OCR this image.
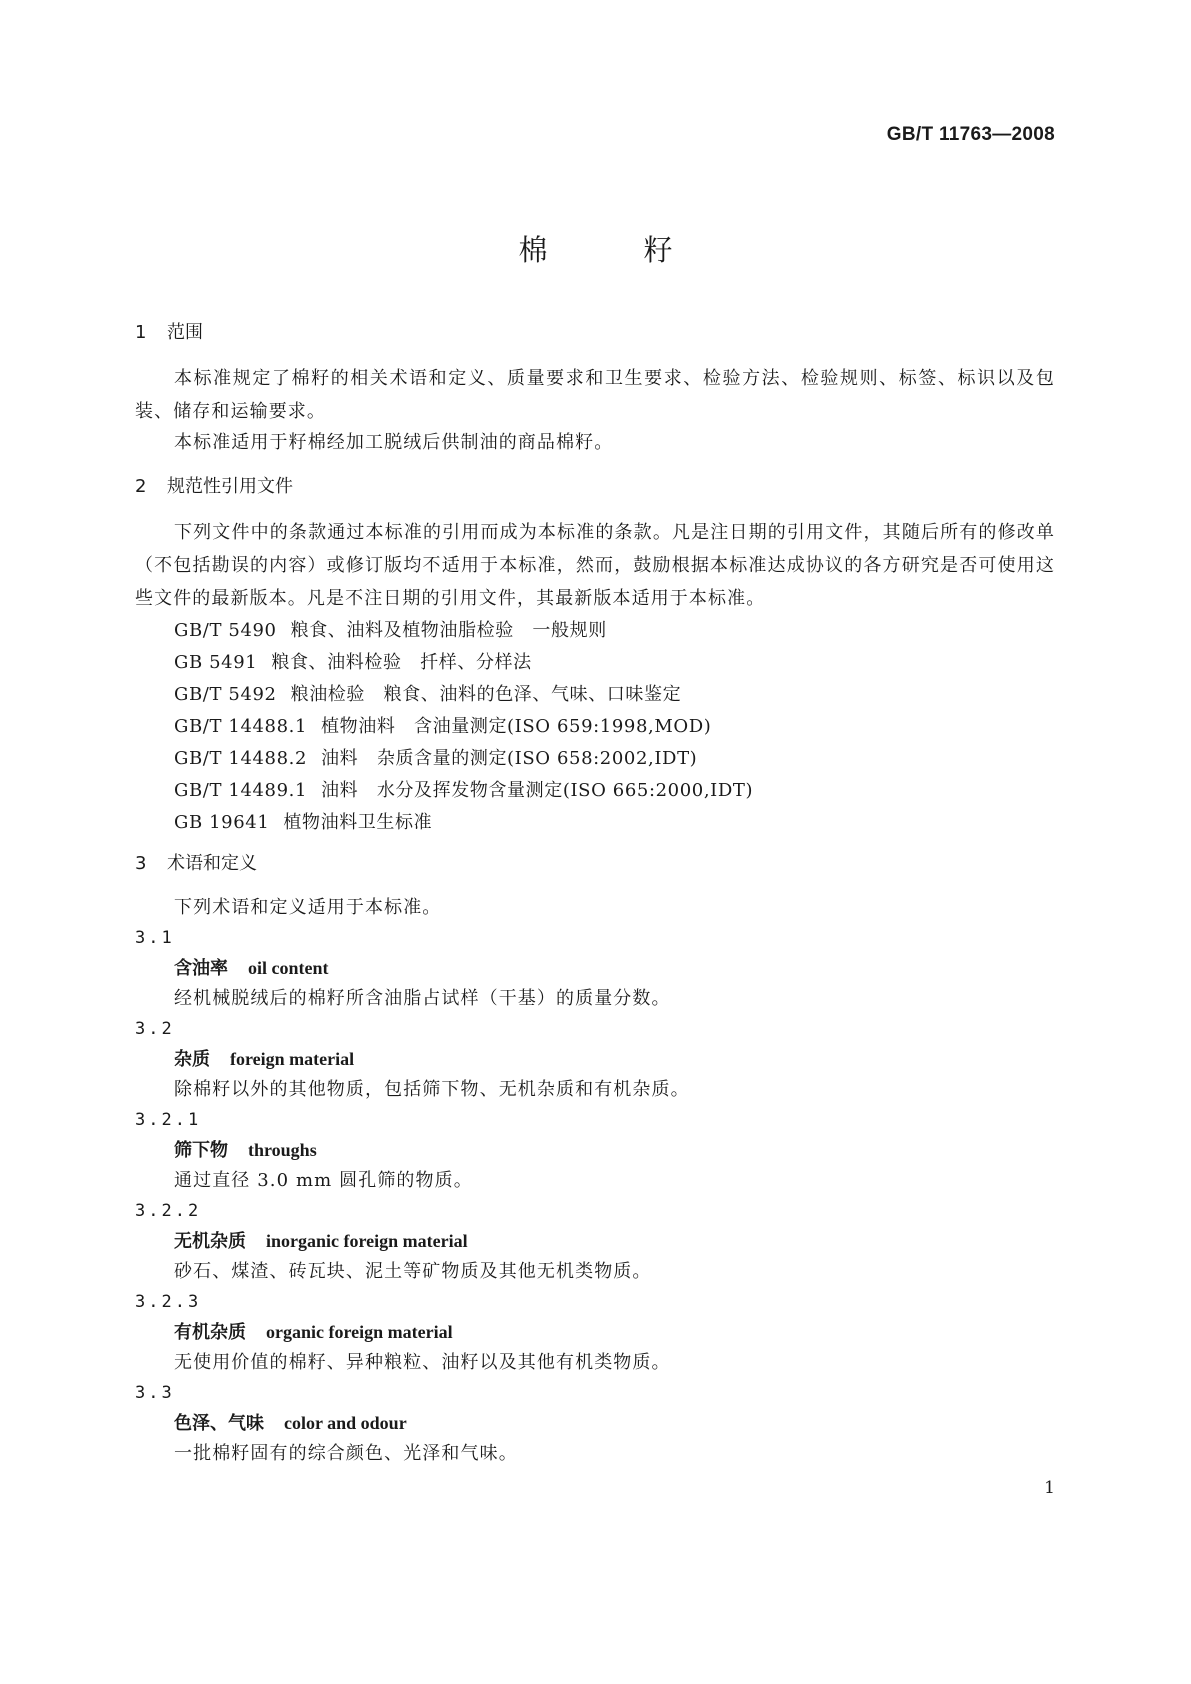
GB/T 11763—2008
棉籽
1 范围
本标准规定了棉籽的相关术语和定义、质量要求和卫生要求、检验方法、检验规则、标签、标识以及包装、储存和运输要求。
本标准适用于籽棉经加工脱绒后供制油的商品棉籽。
2 规范性引用文件
下列文件中的条款通过本标准的引用而成为本标准的条款。凡是注日期的引用文件，其随后所有的修改单（不包括勘误的内容）或修订版均不适用于本标准，然而，鼓励根据本标准达成协议的各方研究是否可使用这些文件的最新版本。凡是不注日期的引用文件，其最新版本适用于本标准。
GB/T 5490 粮食、油料及植物油脂检验　一般规则
GB 5491 粮食、油料检验　扦样、分样法
GB/T 5492 粮油检验　粮食、油料的色泽、气味、口味鉴定
GB/T 14488.1 植物油料　含油量测定(ISO 659:1998,MOD)
GB/T 14488.2 油料　杂质含量的测定(ISO 658:2002,IDT)
GB/T 14489.1 油料　水分及挥发物含量测定(ISO 665:2000,IDT)
GB 19641 植物油料卫生标准
3 术语和定义
下列术语和定义适用于本标准。
3.1
含油率 oil content
经机械脱绒后的棉籽所含油脂占试样（干基）的质量分数。
3.2
杂质 foreign material
除棉籽以外的其他物质，包括筛下物、无机杂质和有机杂质。
3.2.1
筛下物 throughs
通过直径 3.0 mm 圆孔筛的物质。
3.2.2
无机杂质 inorganic foreign material
砂石、煤渣、砖瓦块、泥土等矿物质及其他无机类物质。
3.2.3
有机杂质 organic foreign material
无使用价值的棉籽、异种粮粒、油籽以及其他有机类物质。
3.3
色泽、气味 color and odour
一批棉籽固有的综合颜色、光泽和气味。
1
